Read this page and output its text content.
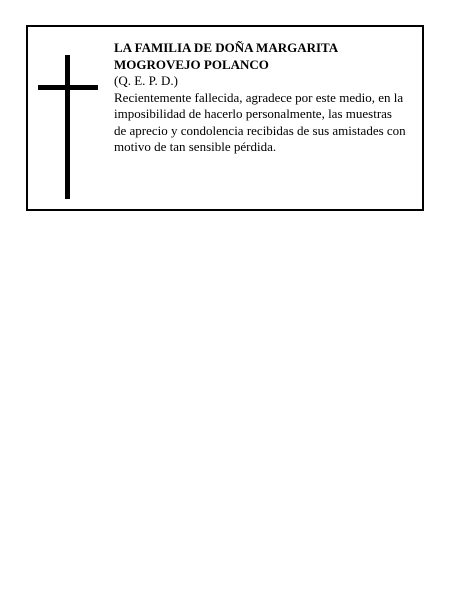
LA FAMILIA DE DOÑA MARGARITA
MOGROVEJO POLANCO

(Q. E. P. D.)

Recientemente fallecida, agradece por este medio, en la
imposibilidad de hacerlo personalmente, las muestras
de aprecio y condolencia recibidas de sus amistades con
motivo de tan sensible pérdida.
